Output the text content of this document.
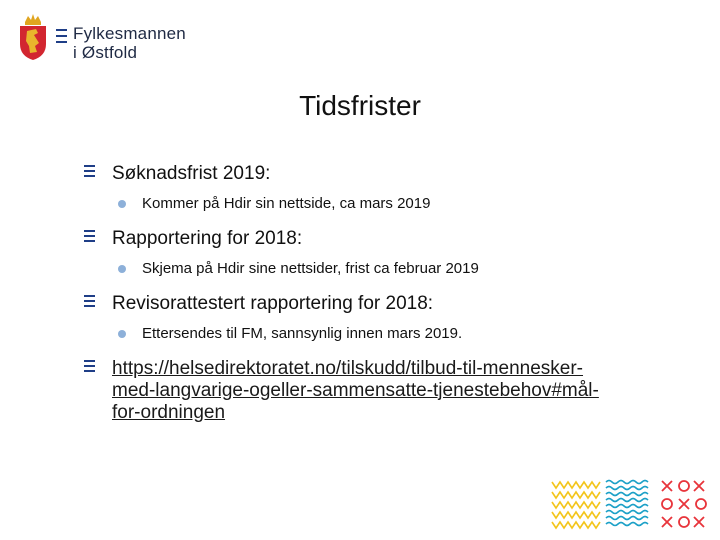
Fylkesmannen
i Østfold
Tidsfrister
Søknadsfrist 2019:
Kommer på Hdir sin nettside, ca mars 2019
Rapportering for 2018:
Skjema på Hdir sine nettsider, frist ca februar 2019
Revisorattestert rapportering for 2018:
Ettersendes til FM, sannsynlig innen mars 2019.
https://helsedirektoratet.no/tilskudd/tilbud-til-mennesker-
med-langvarige-ogeller-sammensatte-tjenestebehov#mål-
for-ordningen
